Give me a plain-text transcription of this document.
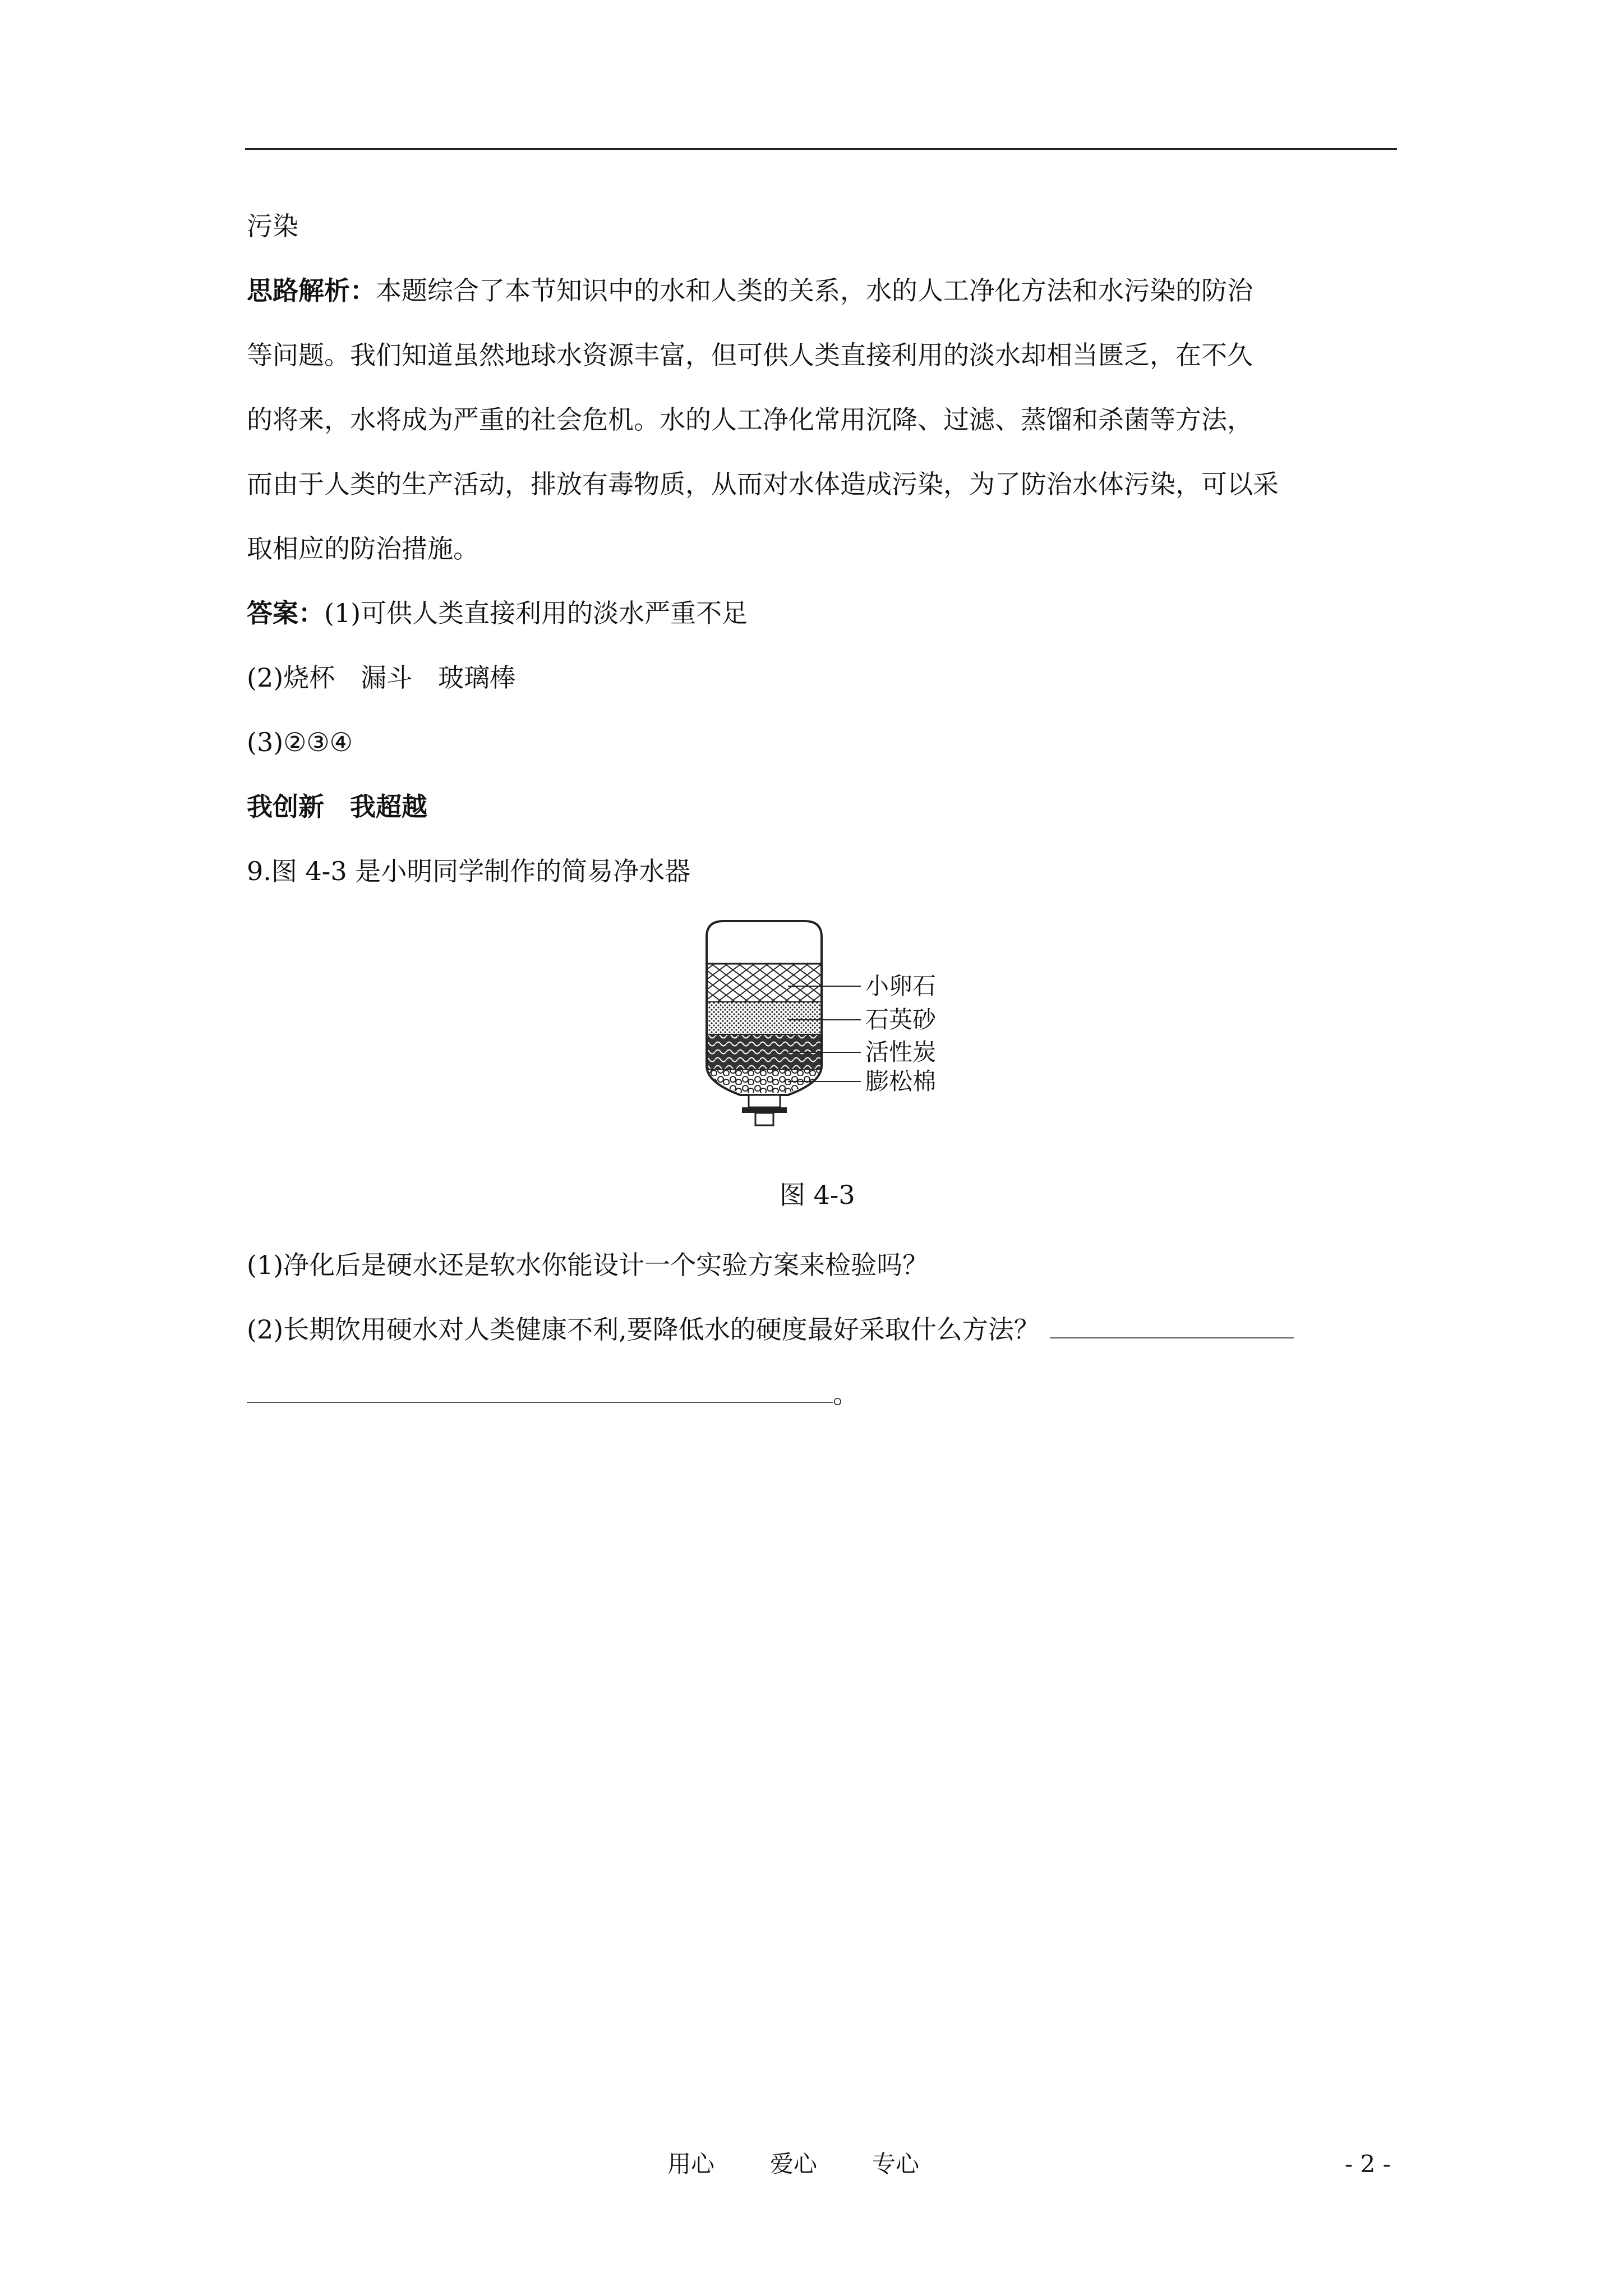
污染
思路解析：本题综合了本节知识中的水和人类的关系，水的人工净化方法和水污染的防治
等问题。我们知道虽然地球水资源丰富，但可供人类直接利用的淡水却相当匮乏，在不久
的将来，水将成为严重的社会危机。水的人工净化常用沉降、过滤、蒸馏和杀菌等方法，
而由于人类的生产活动，排放有毒物质，从而对水体造成污染，为了防治水体污染，可以采
取相应的防治措施。
答案：(1)可供人类直接利用的淡水严重不足
(2)烧杯　漏斗　玻璃棒
(3)②③④
我创新　我超越
9.图 4-3 是小明同学制作的简易净水器
小卵石
石英砂
活性炭
膨松棉
图 4-3
(1)净化后是硬水还是软水你能设计一个实验方案来检验吗？
(2)长期饮用硬水对人类健康不利,要降低水的硬度最好采取什么方法？
。
用心 爱心 专心	- 2 -
